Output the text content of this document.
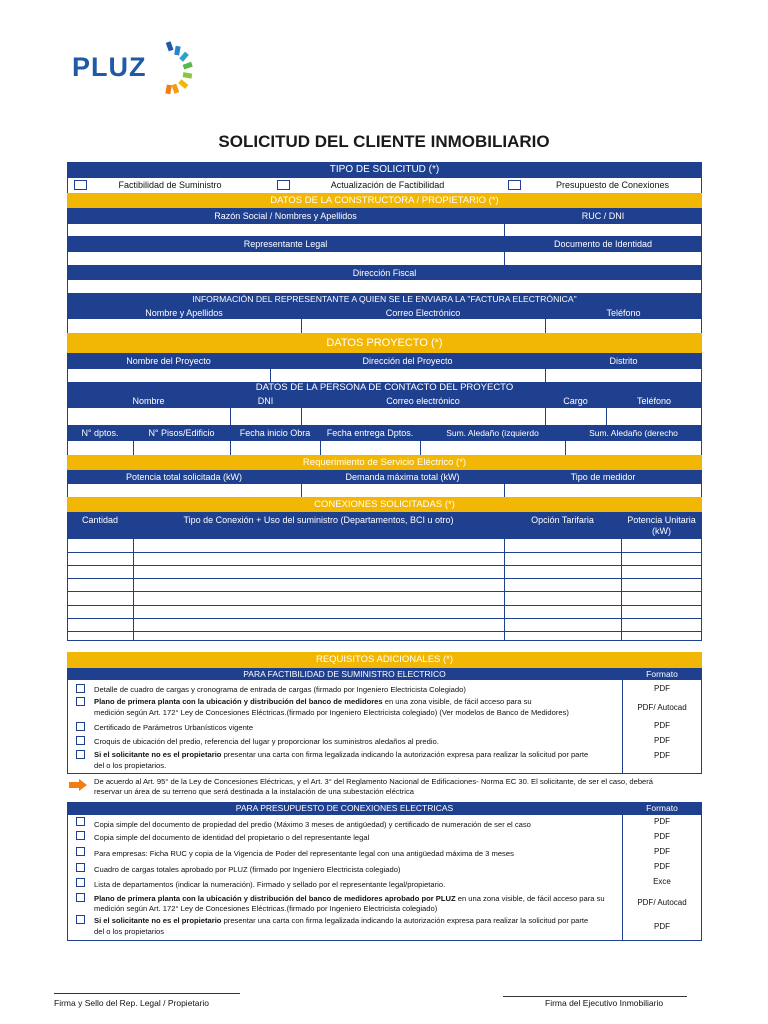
PLUZ
SOLICITUD DEL CLIENTE INMOBILIARIO
TIPO DE SOLICITUD (*)
Factibilidad de Suministro	Actualización de Factibilidad	Presupuesto de Conexiones
DATOS DE LA CONSTRUCTORA / PROPIETARIO (*)
Razón Social / Nombres y Apellidos	RUC / DNI
Representante Legal	Documento de Identidad
Dirección Fiscal
INFORMACIÓN DEL REPRESENTANTE A QUIEN SE LE ENVIARA LA "FACTURA ELECTRÓNICA"
Nombre y Apellidos	Correo Electrónico	Teléfono
DATOS PROYECTO (*)
Nombre del Proyecto	Dirección del Proyecto	Distrito
DATOS DE LA PERSONA DE CONTACTO DEL PROYECTO
Nombre	DNI	Correo electrónico	Cargo	Teléfono
N° dptos.	N° Pisos/Edificio	Fecha inicio Obra	Fecha entrega Dptos.	Sum. Aledaño (izquierdo	Sum. Aledaño (derecho
Requerimiento de Servicio Eléctrico (*)
Potencia total solicitada (kW)	Demanda máxima total (kW)	Tipo de medidor
CONEXIONES SOLICITADAS (*)
Cantidad	Tipo de Conexión + Uso del suministro (Departamentos, BCI u otro)	Opción Tarifaria	Potencia Unitaria
(kW)
REQUISITOS ADICIONALES (*)
PARA FACTIBILIDAD DE SUMINISTRO ELECTRICO	Formato
Detalle de cuadro de cargas y cronograma de entrada de cargas (firmado por Ingeniero Electricista Colegiado)	PDF
Plano de primera planta con la ubicación y distribución del banco de medidores en una zona visible, de fácil acceso para su
medición según Art. 172° Ley de Concesiones Eléctricas.(firmado por Ingeniero Electricista colegiado) (Ver modelos de Banco de Medidores)
PDF/ Autocad
Certificado de Parámetros Urbanísticos vigente	PDF
Croquis de ubicación del predio, referencia del lugar y proporcionar los suministros aledaños al predio.	PDF
Si el solicitante no es el propietario presentar una carta con firma legalizada indicando la autorización expresa para realizar la solicitud por parte
del o los propietarios.
PDF
De acuerdo al Art. 95° de la Ley de Concesiones Eléctricas, y el Art. 3° del Reglamento Nacional de Edificaciones- Norma EC 30. El solicitante, de ser el caso, deberá
reservar un área de su terreno que será destinada a la instalación de una subestación eléctrica
PARA PRESUPUESTO DE CONEXIONES ELECTRICAS	Formato
Copia simple del documento de propiedad del predio (Máximo 3 meses de antigüedad) y certificado de numeración de ser el caso	PDF
Copia simple del documento de identidad del propietario o del representante legal	PDF
Para empresas: Ficha RUC y copia de la Vigencia de Poder del representante legal con una antigüedad máxima de 3 meses	PDF
Cuadro de cargas totales aprobado por PLUZ (firmado por Ingeniero Electricista colegiado)	PDF
Lista de departamentos (indicar la numeración). Firmado y sellado por el representante legal/propietario.	Exce
Plano de primera planta con la ubicación y distribución del banco de medidores aprobado por PLUZ en una zona visible, de fácil acceso para su
medición según Art. 172° Ley de Concesiones Eléctricas.(firmado por Ingeniero Electricista colegiado)
PDF/ Autocad
Si el solicitante no es el propietario presentar una carta con firma legalizada indicando la autorización expresa para realizar la solicitud por parte
del o los propietarios
PDF
Firma y Sello del Rep. Legal / Propietario	Firma del Ejecutivo Inmobiliario
